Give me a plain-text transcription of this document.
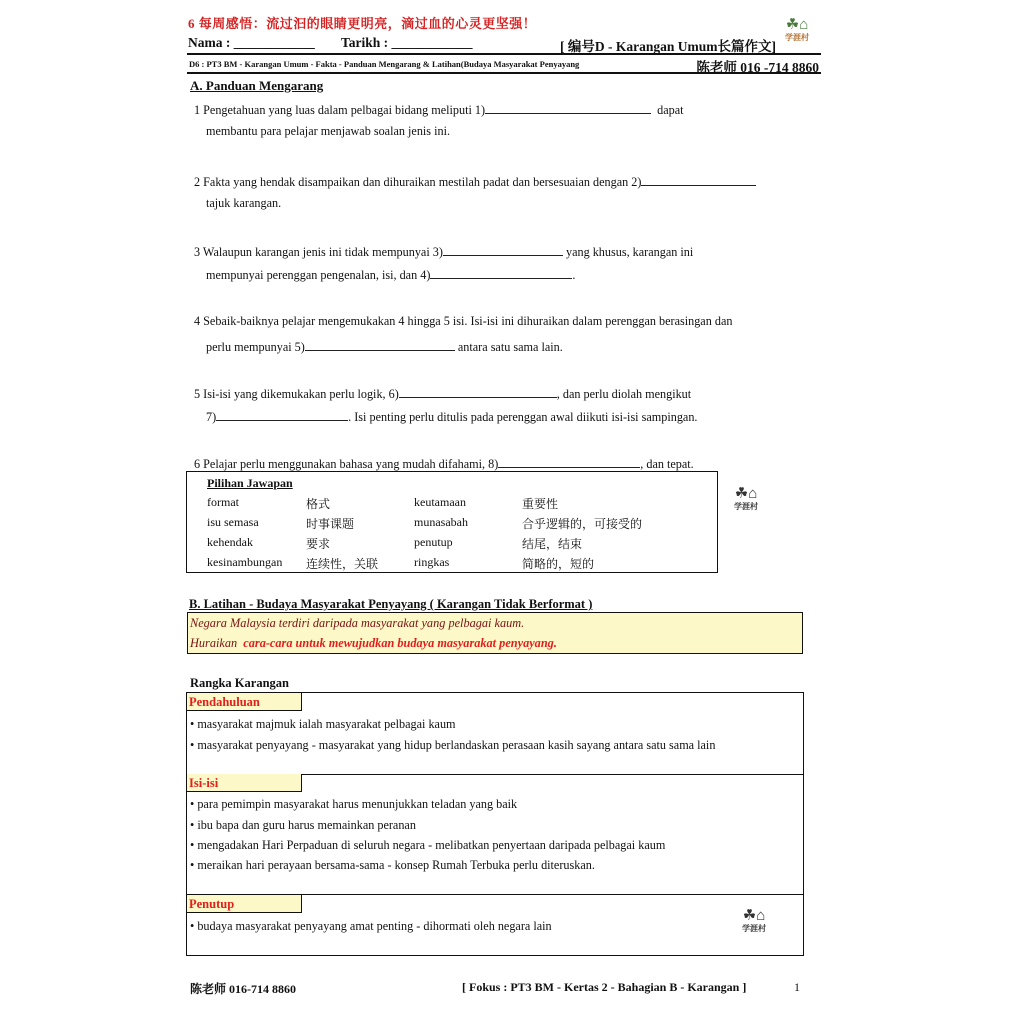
6 每周感悟：流过汩的眼睛更明亮，滴过血的心灵更坚强！	☘⌂
学涯村
Nama : ____________ Tarikh : ____________	[ 编号D - Karangan Umum长篇作文]
D6 : PT3 BM - Karangan Umum - Fakta - Panduan Mengarang & Latihan(Budaya Masyarakat Penyayang	陈老师 016 -714 8860
A. Panduan Mengarang
1 Pengetahuan yang luas dalam pelbagai bidang meliputi 1)	dapat
membantu para pelajar menjawab soalan jenis ini.
2 Fakta yang hendak disampaikan dan dihuraikan mestilah padat dan bersesuaian dengan 2)
tajuk karangan.
3 Walaupun karangan jenis ini tidak mempunyai 3)	yang khusus, karangan ini
mempunyai perenggan pengenalan, isi, dan 4)	.
4 Sebaik-baiknya pelajar mengemukakan 4 hingga 5 isi. Isi-isi ini dihuraikan dalam perenggan berasingan dan
perlu mempunyai 5)	antara satu sama lain.
5 Isi-isi yang dikemukakan perlu logik, 6)	, dan perlu diolah mengikut
7)	. Isi penting perlu ditulis pada perenggan awal diikuti isi-isi sampingan.
6 Pelajar perlu menggunakan bahasa yang mudah difahami, 8)	, dan tepat.
Pilihan Jawapan
format	格式	keutamaan	重要性
isu semasa	时事课题	munasabah	合乎逻辑的，可接受的
kehendak	要求	penutup	结尾，结束
kesinambungan 连续性，关联	ringkas	简略的，短的
☘⌂
学涯村
B. Latihan - Budaya Masyarakat Penyayang ( Karangan Tidak Berformat )
Negara Malaysia terdiri daripada masyarakat yang pelbagai kaum.
Huraikan cara-cara untuk mewujudkan budaya masyarakat penyayang.
Rangka Karangan
Pendahuluan
• masyarakat majmuk ialah masyarakat pelbagai kaum
• masyarakat penyayang - masyarakat yang hidup berlandaskan perasaan kasih sayang antara satu sama lain
Isi-isi
• para pemimpin masyarakat harus menunjukkan teladan yang baik
• ibu bapa dan guru harus memainkan peranan
• mengadakan Hari Perpaduan di seluruh negara - melibatkan penyertaan daripada pelbagai kaum
• meraikan hari perayaan bersama-sama - konsep Rumah Terbuka perlu diteruskan.
Penutup
• budaya masyarakat penyayang amat penting - dihormati oleh negara lain
☘⌂
学涯村
陈老师 016-714 8860	[ Fokus : PT3 BM - Kertas 2 - Bahagian B - Karangan ]	1
